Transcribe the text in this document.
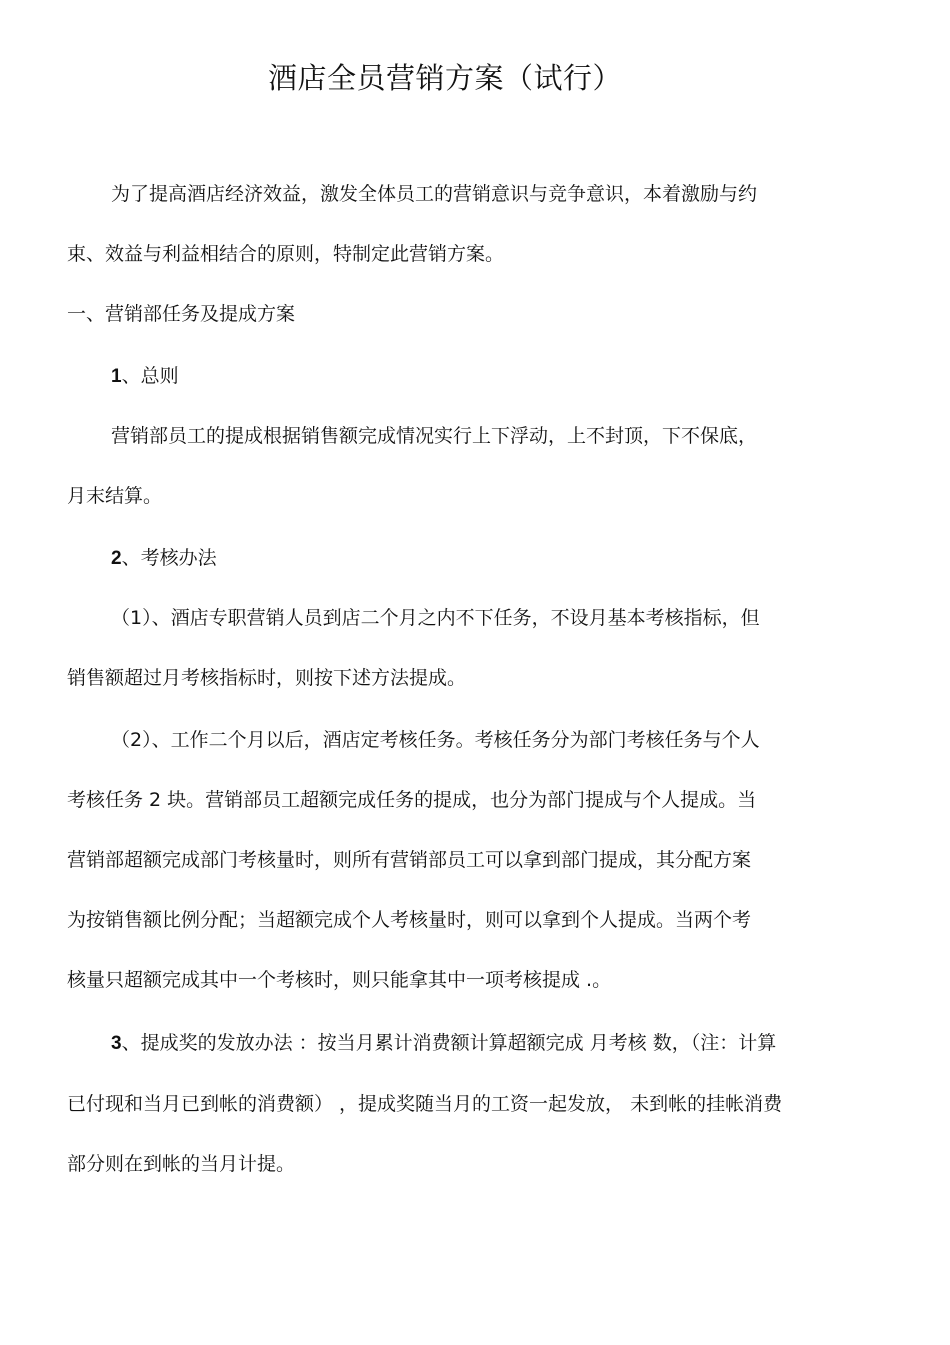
酒店全员营销方案（试行）

为了提高酒店经济效益，激发全体员工的营销意识与竞争意识，本着激励与约

束、效益与利益相结合的原则，特制定此营销方案。

一、营销部任务及提成方案

1、总则

营销部员工的提成根据销售额完成情况实行上下浮动，上不封顶，下不保底，

月末结算。

2、考核办法

（1）、酒店专职营销人员到店二个月之内不下任务，不设月基本考核指标，但

销售额超过月考核指标时，则按下述方法提成。

（2）、工作二个月以后，酒店定考核任务。考核任务分为部门考核任务与个人

考核任务 2 块。营销部员工超额完成任务的提成，也分为部门提成与个人提成。当

营销部超额完成部门考核量时，则所有营销部员工可以拿到部门提成，其分配方案

为按销售额比例分配；当超额完成个人考核量时，则可以拿到个人提成。当两个考

核量只超额完成其中一个考核时，则只能拿其中一项考核提成 .。

3、提成奖的发放办法 ：按当月累计消费额计算超额完成 月考核 数，（注：计算

已付现和当月已到帐的消费额） ，提成奖随当月的工资一起发放， 未到帐的挂帐消费

部分则在到帐的当月计提。
